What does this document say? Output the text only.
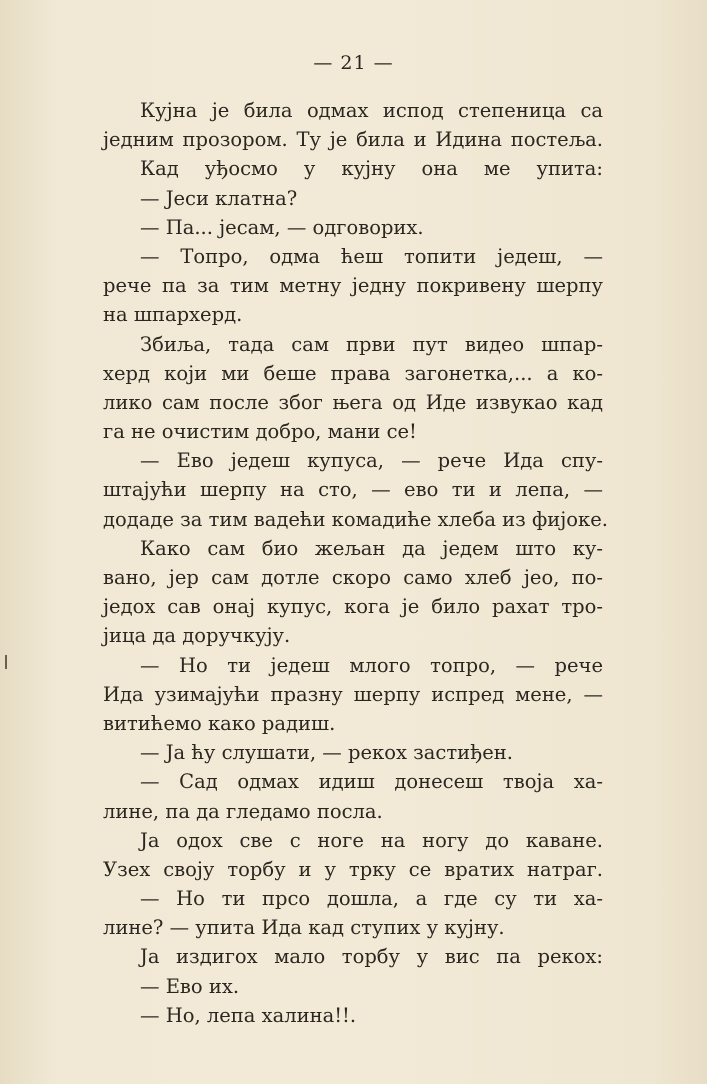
— 21 —
Кујна је била одмах испод степеница са
једним прозором. Ту је била и Идина постеља.
Кад уђосмо у кујну она ме упита:
— Јеси клатна?
— Па... јесам, — одговорих.
— Топро, одма ћеш топити једеш, —
рече па за тим метну једну покривену шерпу
на шпархерд.
Збиља, тада сам први пут видео шпар-
херд који ми беше права загонетка,... а ко-
лико сам после због њега од Иде извукао кад
га не очистим добро, мани се!
— Ево једеш купуса, — рече Ида спу-
штајући шерпу на сто, — ево ти и лепа, —
додаде за тим вадећи комадиће хлеба из фијоке.
Како сам био жељан да једем што ку-
вано, јер сам дотле скоро само хлеб јео, по-
једох сав онај купус, кога је било рахат тро-
јица да доручкују.
— Но ти једеш млого топро, — рече
Ида узимајући празну шерпу испред мене, —
витићемо како радиш.
— Ја ћу слушати, — рекох застиђен.
— Сад одмах идиш донесеш твоја ха-
лине, па да гледамо посла.
Ја одох све с ноге на ногу до каване.
Узех своју торбу и у трку се вратих натраг.
— Но ти прсо дошла, а где су ти ха-
лине? — упита Ида кад ступих у кујну.
Ја издигох мало торбу у вис па рекох:
— Ево их.
— Но, лепа халина!!.
